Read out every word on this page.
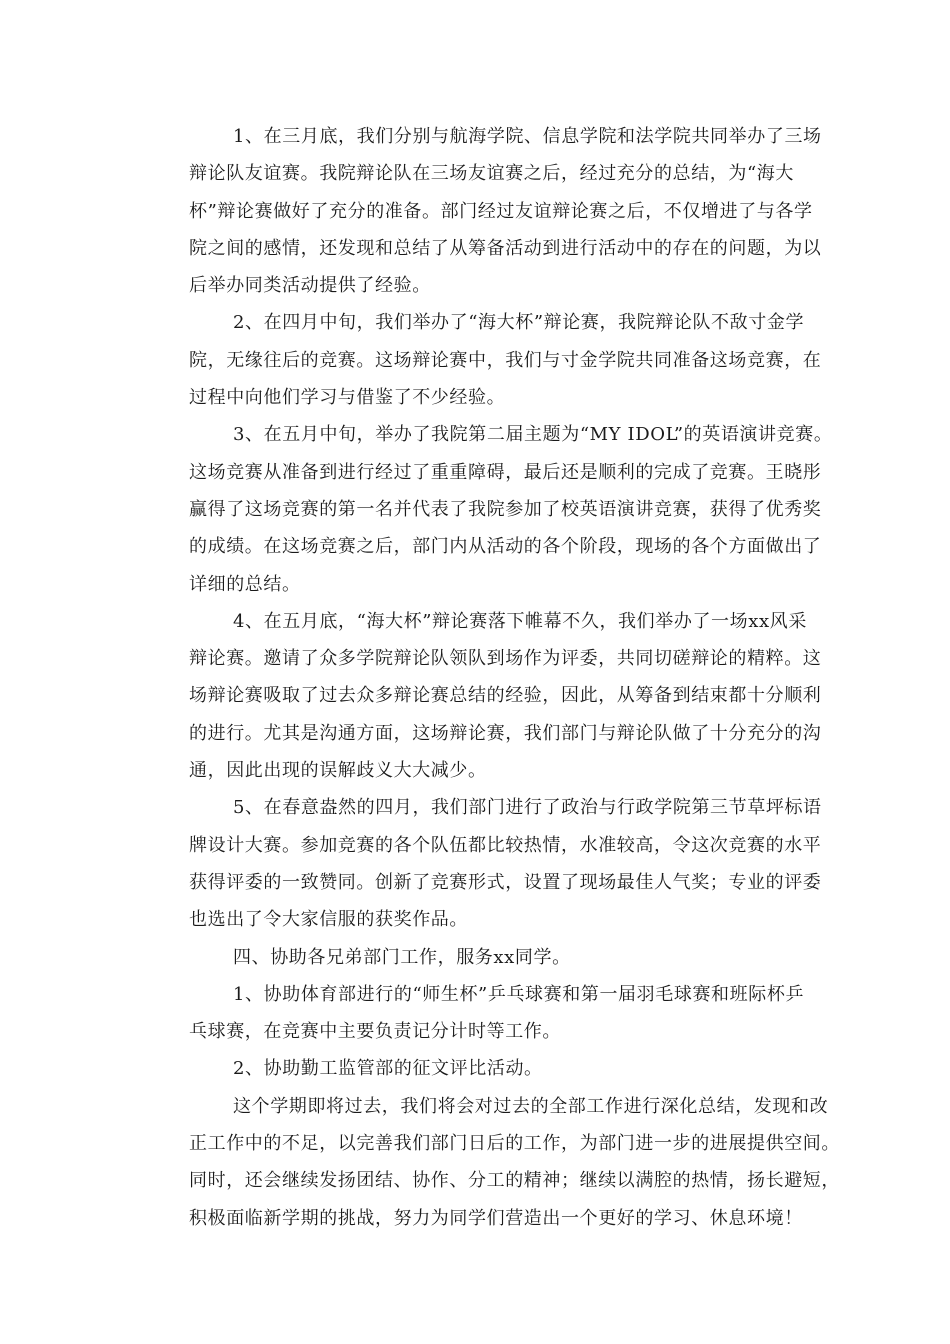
1、在三月底，我们分别与航海学院、信息学院和法学院共同举办了三场
辩论队友谊赛。我院辩论队在三场友谊赛之后，经过充分的总结，为“海大
杯”辩论赛做好了充分的准备。部门经过友谊辩论赛之后，不仅增进了与各学
院之间的感情，还发现和总结了从筹备活动到进行活动中的存在的问题，为以
后举办同类活动提供了经验。
2、在四月中旬，我们举办了“海大杯”辩论赛，我院辩论队不敌寸金学
院，无缘往后的竞赛。这场辩论赛中，我们与寸金学院共同准备这场竞赛，在
过程中向他们学习与借鉴了不少经验。
3、在五月中旬，举办了我院第二届主题为“MY IDOL”的英语演讲竞赛。
这场竞赛从准备到进行经过了重重障碍，最后还是顺利的完成了竞赛。王晓彤
赢得了这场竞赛的第一名并代表了我院参加了校英语演讲竞赛，获得了优秀奖
的成绩。在这场竞赛之后，部门内从活动的各个阶段，现场的各个方面做出了
详细的总结。
4、在五月底，“海大杯”辩论赛落下帷幕不久，我们举办了一场xx风采
辩论赛。邀请了众多学院辩论队领队到场作为评委，共同切磋辩论的精粹。这
场辩论赛吸取了过去众多辩论赛总结的经验，因此，从筹备到结束都十分顺利
的进行。尤其是沟通方面，这场辩论赛，我们部门与辩论队做了十分充分的沟
通，因此出现的误解歧义大大减少。
5、在春意盎然的四月，我们部门进行了政治与行政学院第三节草坪标语
牌设计大赛。参加竞赛的各个队伍都比较热情，水准较高，令这次竞赛的水平
获得评委的一致赞同。创新了竞赛形式，设置了现场最佳人气奖；专业的评委
也选出了令大家信服的获奖作品。
四、协助各兄弟部门工作，服务xx同学。
1、协助体育部进行的“师生杯”乒乓球赛和第一届羽毛球赛和班际杯乒
乓球赛，在竞赛中主要负责记分计时等工作。
2、协助勤工监管部的征文评比活动。
这个学期即将过去，我们将会对过去的全部工作进行深化总结，发现和改
正工作中的不足，以完善我们部门日后的工作，为部门进一步的进展提供空间。
同时，还会继续发扬团结、协作、分工的精神；继续以满腔的热情，扬长避短，
积极面临新学期的挑战，努力为同学们营造出一个更好的学习、休息环境！
